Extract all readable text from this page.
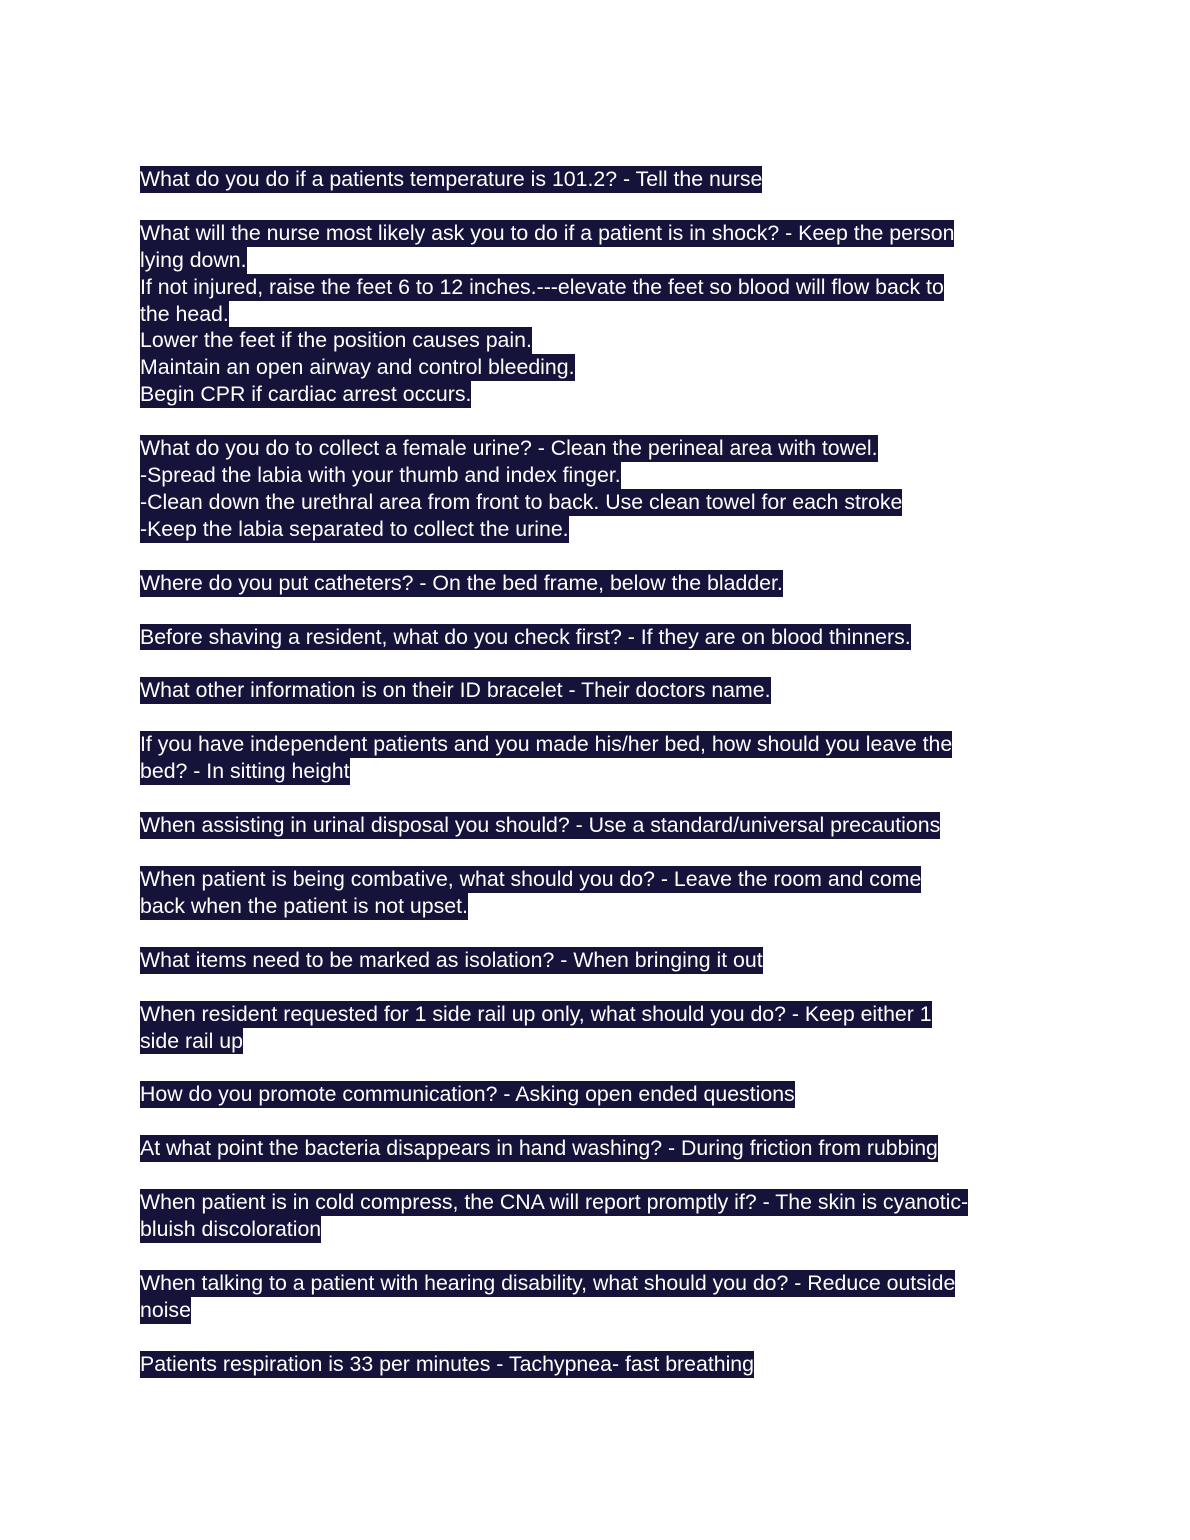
What do you do if a patients temperature is 101.2? - Tell the nurse
What will the nurse most likely ask you to do if a patient is in shock? - Keep the person
lying down.
If not injured, raise the feet 6 to 12 inches.---elevate the feet so blood will flow back to
the head.
Lower the feet if the position causes pain.
Maintain an open airway and control bleeding.
Begin CPR if cardiac arrest occurs.
What do you do to collect a female urine? - Clean the perineal area with towel.
-Spread the labia with your thumb and index finger.
-Clean down the urethral area from front to back. Use clean towel for each stroke
-Keep the labia separated to collect the urine.
Where do you put catheters? - On the bed frame, below the bladder.
Before shaving a resident, what do you check first? - If they are on blood thinners.
What other information is on their ID bracelet - Their doctors name.
If you have independent patients and you made his/her bed, how should you leave the
bed? - In sitting height
When assisting in urinal disposal you should? - Use a standard/universal precautions
When patient is being combative, what should you do? - Leave the room and come
back when the patient is not upset.
What items need to be marked as isolation? - When bringing it out
When resident requested for 1 side rail up only, what should you do? - Keep either 1
side rail up
How do you promote communication? - Asking open ended questions
At what point the bacteria disappears in hand washing? - During friction from rubbing
When patient is in cold compress, the CNA will report promptly if? - The skin is cyanotic-
bluish discoloration
When talking to a patient with hearing disability, what should you do? - Reduce outside
noise
Patients respiration is 33 per minutes - Tachypnea- fast breathing
